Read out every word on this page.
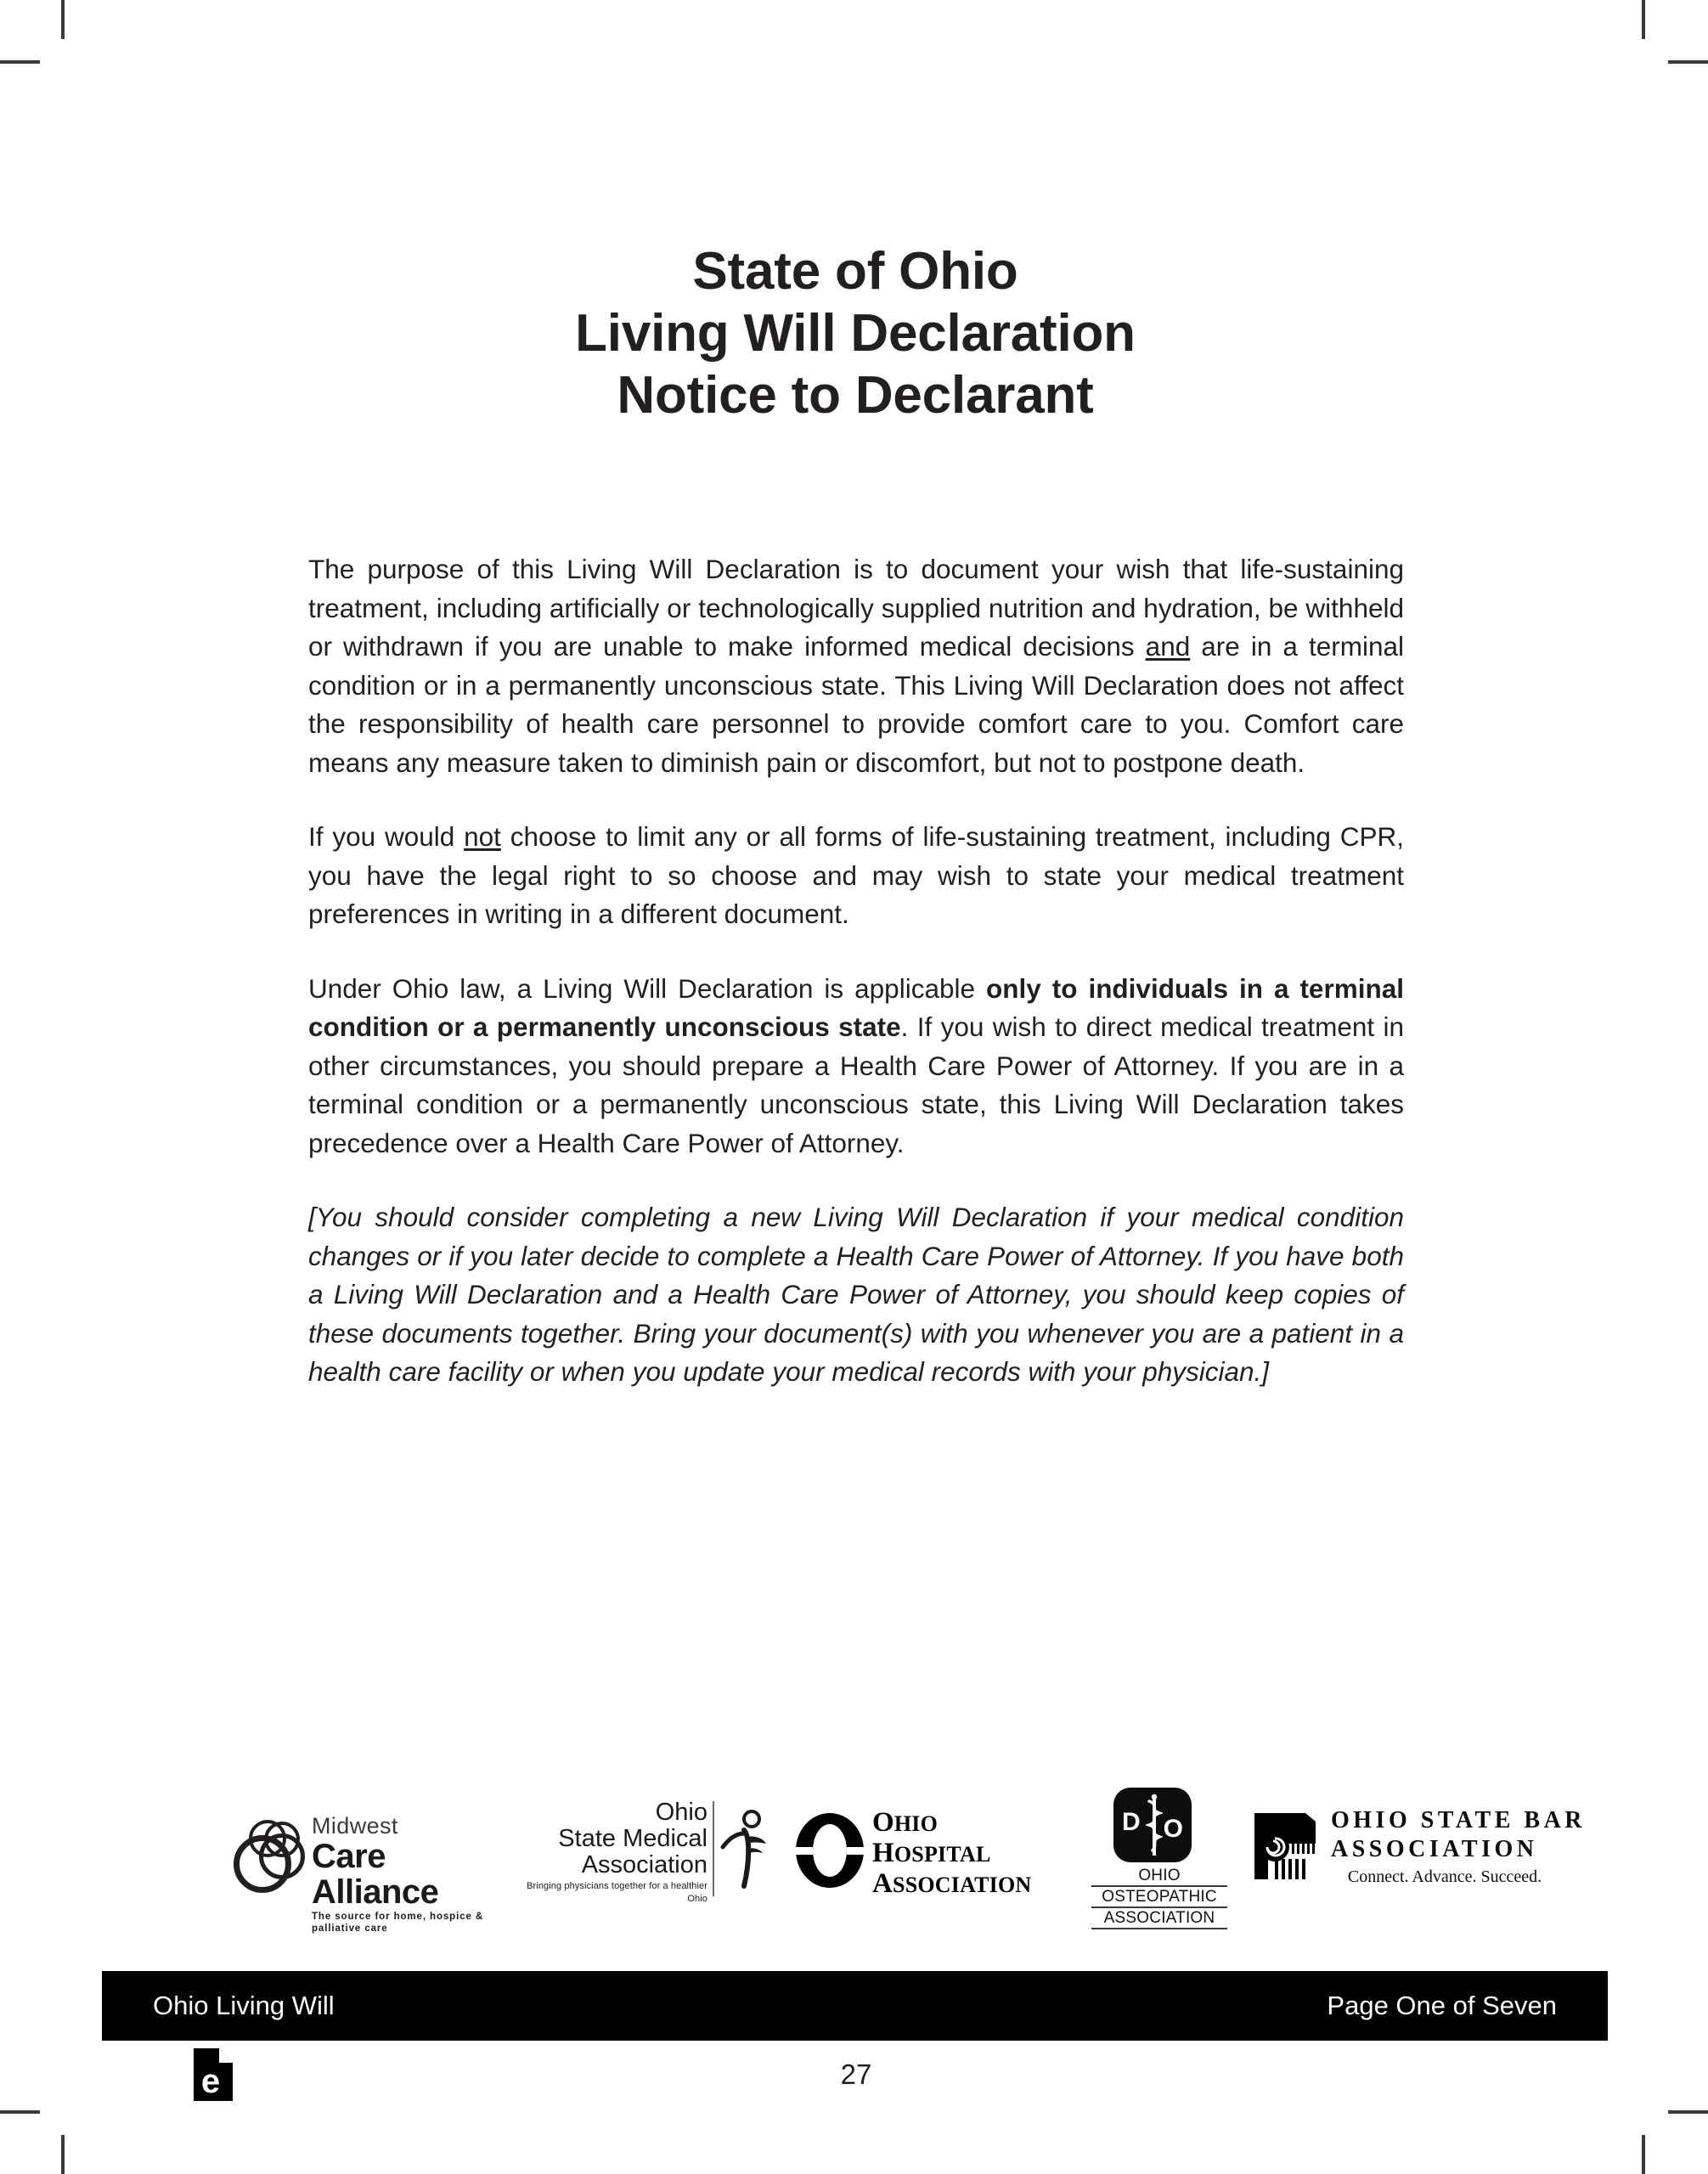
State of Ohio
Living Will Declaration
Notice to Declarant

The purpose of this Living Will Declaration is to document your wish that life-sustaining treatment, including artificially or technologically supplied nutrition and hydration, be withheld or withdrawn if you are unable to make informed medical decisions and are in a terminal condition or in a permanently unconscious state. This Living Will Declaration does not affect the responsibility of health care personnel to provide comfort care to you. Comfort care means any measure taken to diminish pain or discomfort, but not to postpone death.

If you would not choose to limit any or all forms of life-sustaining treatment, including CPR, you have the legal right to so choose and may wish to state your medical treatment preferences in writing in a different document.

Under Ohio law, a Living Will Declaration is applicable only to individuals in a terminal condition or a permanently unconscious state. If you wish to direct medical treatment in other circumstances, you should prepare a Health Care Power of Attorney. If you are in a terminal condition or a permanently unconscious state, this Living Will Declaration takes precedence over a Health Care Power of Attorney.

[You should consider completing a new Living Will Declaration if your medical condition changes or if you later decide to complete a Health Care Power of Attorney. If you have both a Living Will Declaration and a Health Care Power of Attorney, you should keep copies of these documents together. Bring your document(s) with you whenever you are a patient in a health care facility or when you update your medical records with your physician.]

Midwest
Care Alliance
The source for home, hospice & palliative care
Ohio
State Medical
Association
Bringing physicians together for a healthier Ohio
OHIO
HOSPITAL
ASSOCIATION
D O
OHIO
OSTEOPATHIC
ASSOCIATION
OHIO STATE BAR
ASSOCIATION
Connect. Advance. Succeed.
Ohio Living Will	Page One of Seven
e	27
